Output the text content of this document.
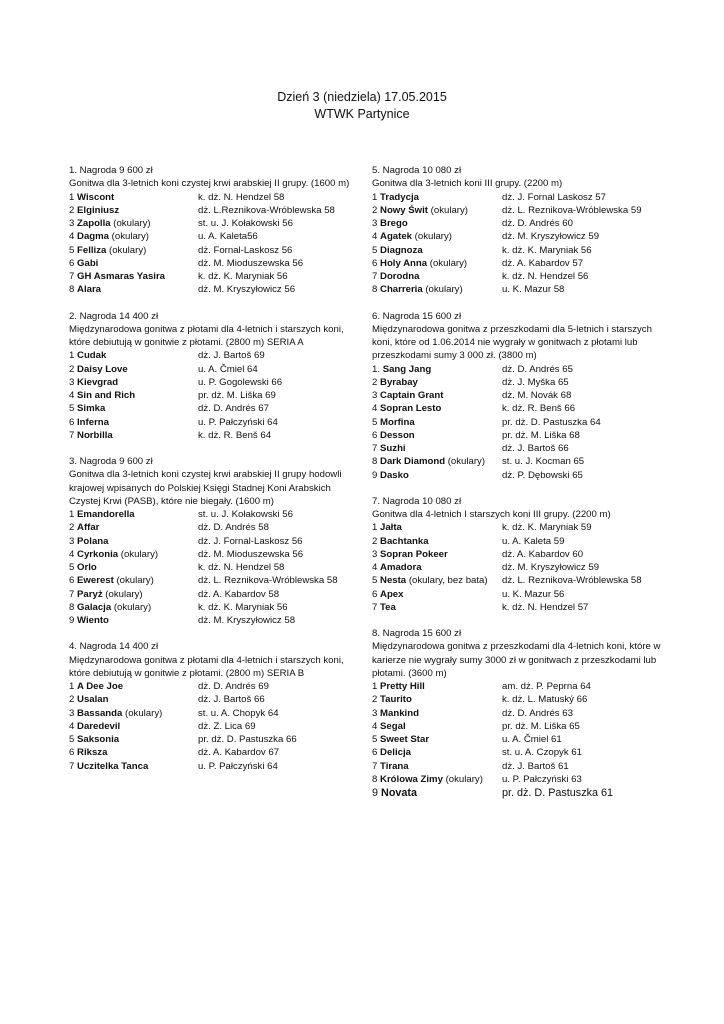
Dzień 3 (niedziela) 17.05.2015
WTWK Partynice
1. Nagroda 9 600 zł
Gonitwa dla 3-letnich koni czystej krwi arabskiej II grupy. (1600 m)
1 Wiscont	k. dż. N. Hendzel 58
2 Elginiusz	dż. L.Reznikova-Wróblewska 58
3 Zapolla (okulary)	st. u. J. Kołakowski 56
4 Dagma (okulary)	u. A. Kaleta56
5 Felliza (okulary)	dż. Fornal-Laskosz 56
6 Gabi	dż. M. Mioduszewska 56
7 GH Asmaras Yasira	k. dż. K. Maryniak 56
8 Alara	dż. M. Kryszyłowicz 56
2. Nagroda 14 400 zł
Międzynarodowa gonitwa z płotami dla 4-letnich i starszych koni, które debiutują w gonitwie z płotami. (2800 m) SERIA A
1 Cudak	dż. J. Bartoš 69
2 Daisy Love	u. A. Čmiel 64
3 Kievgrad	u. P. Gogolewski 66
4 Sin and Rich	pr. dż. M. Liška 69
5 Simka	dż. D. Andrés 67
6 Inferna	u. P. Pałczyński 64
7 Norbilla	k. dż. R. Benš 64
3. Nagroda 9 600 zł
Gonitwa dla 3-letnich koni czystej krwi arabskiej II grupy hodowli krajowej wpisanych do Polskiej Księgi Stadnej Koni Arabskich Czystej Krwi (PASB), które nie biegały. (1600 m)
1 Emandorella	st. u. J. Kołakowski 56
2 Affar	dż. D. Andrés 58
3 Polana	dż. J. Fornal-Laskosz 56
4 Cyrkonia (okulary)	dż. M. Mioduszewska 56
5 Orlo	k. dż. N. Hendzel 58
6 Ewerest (okulary)	dż. L. Reznikova-Wróblewska 58
7 Paryż (okulary)	dż. A. Kabardov 58
8 Galacja (okulary)	k. dż. K. Maryniak 56
9 Wiento	dż. M. Kryszyłowicz 58
4. Nagroda 14 400 zł
Międzynarodowa gonitwa z płotami dla 4-letnich i starszych koni, które debiutują w gonitwie z płotami. (2800 m) SERIA B
1 A Dee Joe	dż. D. Andrés 69
2 Usalan	dż. J. Bartoš 66
3 Bassanda (okulary)	st. u. A. Chopyk 64
4 Daredevil	dż. Z. Lica 69
5 Saksonia	pr. dż. D. Pastuszka 66
6 Riksza	dż. A. Kabardov 67
7 Uczitelka Tanca	u. P. Pałczyński 64
5. Nagroda 10 080 zł
Gonitwa dla 3-letnich koni III grupy. (2200 m)
1 Tradycja	dż. J. Fornal Laskosz 57
2 Nowy Świt (okulary)	dż. L. Reznikova-Wróblewska 59
3 Brego	dż. D. Andrés 60
4 Agatek (okulary)	dż. M. Kryszyłowicz 59
5 Diagnoza	k. dż. K. Maryniak 56
6 Holy Anna (okulary)	dż. A. Kabardov 57
7 Dorodna	k. dż. N. Hendzel 56
8 Charreria (okulary)	u. K. Mazur 58
6. Nagroda 15 600 zł
Międzynarodowa gonitwa z przeszkodami dla 5-letnich i starszych koni, które od 1.06.2014 nie wygrały w gonitwach z płotami lub przeszkodami sumy 3 000 zł. (3800 m)
1. Sang Jang	dż. D. Andrés 65
2 Byrabay	dż. J. Myška 65
3 Captain Grant	dż. M. Novák 68
4 Sopran Lesto	k. dż. R. Benš 66
5 Morfina	pr. dż. D. Pastuszka 64
6 Desson	pr. dż. M. Liška 68
7 Suzhi	dż. J. Bartoš 66
8 Dark Diamond (okulary)	st. u. J. Kocman 65
9 Dasko	dż. P. Dębowski 65
7. Nagroda 10 080 zł
Gonitwa dla 4-letnich I starszych koni III grupy. (2200 m)
1 Jałta	k. dż. K. Maryniak 59
2 Bachtanka	u. A. Kaleta 59
3 Sopran Pokeer	dż. A. Kabardov 60
4 Amadora	dż. M. Kryszyłowicz 59
5 Nesta (okulary, bez bata)	dż. L. Reznikova-Wróblewska 58
6 Apex	u. K. Mazur 56
7 Tea	k. dż. N. Hendzel 57
8. Nagroda 15 600 zł
Międzynarodowa gonitwa z przeszkodami dla 4-letnich koni, które w karierze nie wygrały sumy 3000 zł w gonitwach z przeszkodami lub płotami. (3600 m)
1 Pretty Hill	am. dż. P. Peprna 64
2 Taurito	k. dż. L. Matuský 66
3 Mankind	dż. D. Andrés 63
4 Segal	pr. dż. M. Liška 65
5 Sweet Star	u. A. Čmiel 61
6 Delicja	st. u. A. Czopyk 61
7 Tirana	dż. J. Bartoš 61
8 Królowa Zimy (okulary)	u. P. Pałczyński 63
9 Novata	pr. dż. D. Pastuszka 61
